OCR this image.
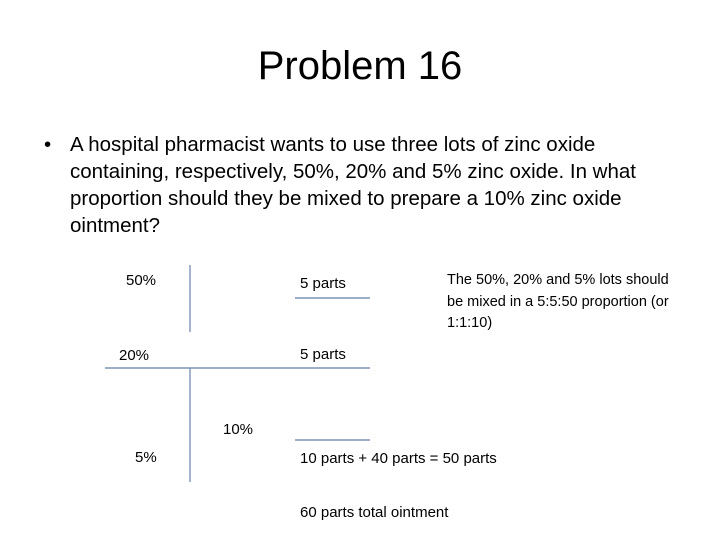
Problem 16
• A hospital pharmacist wants to use three lots of zinc oxide containing, respectively, 50%, 20% and 5% zinc oxide. In what proportion should they be mixed to prepare a 10% zinc oxide ointment?
50%	5 parts
20%	5 parts
10%
5%	10 parts + 40 parts = 50 parts
60 parts total ointment
The 50%, 20% and 5% lots should be mixed in a 5:5:50 proportion (or 1:1:10)
